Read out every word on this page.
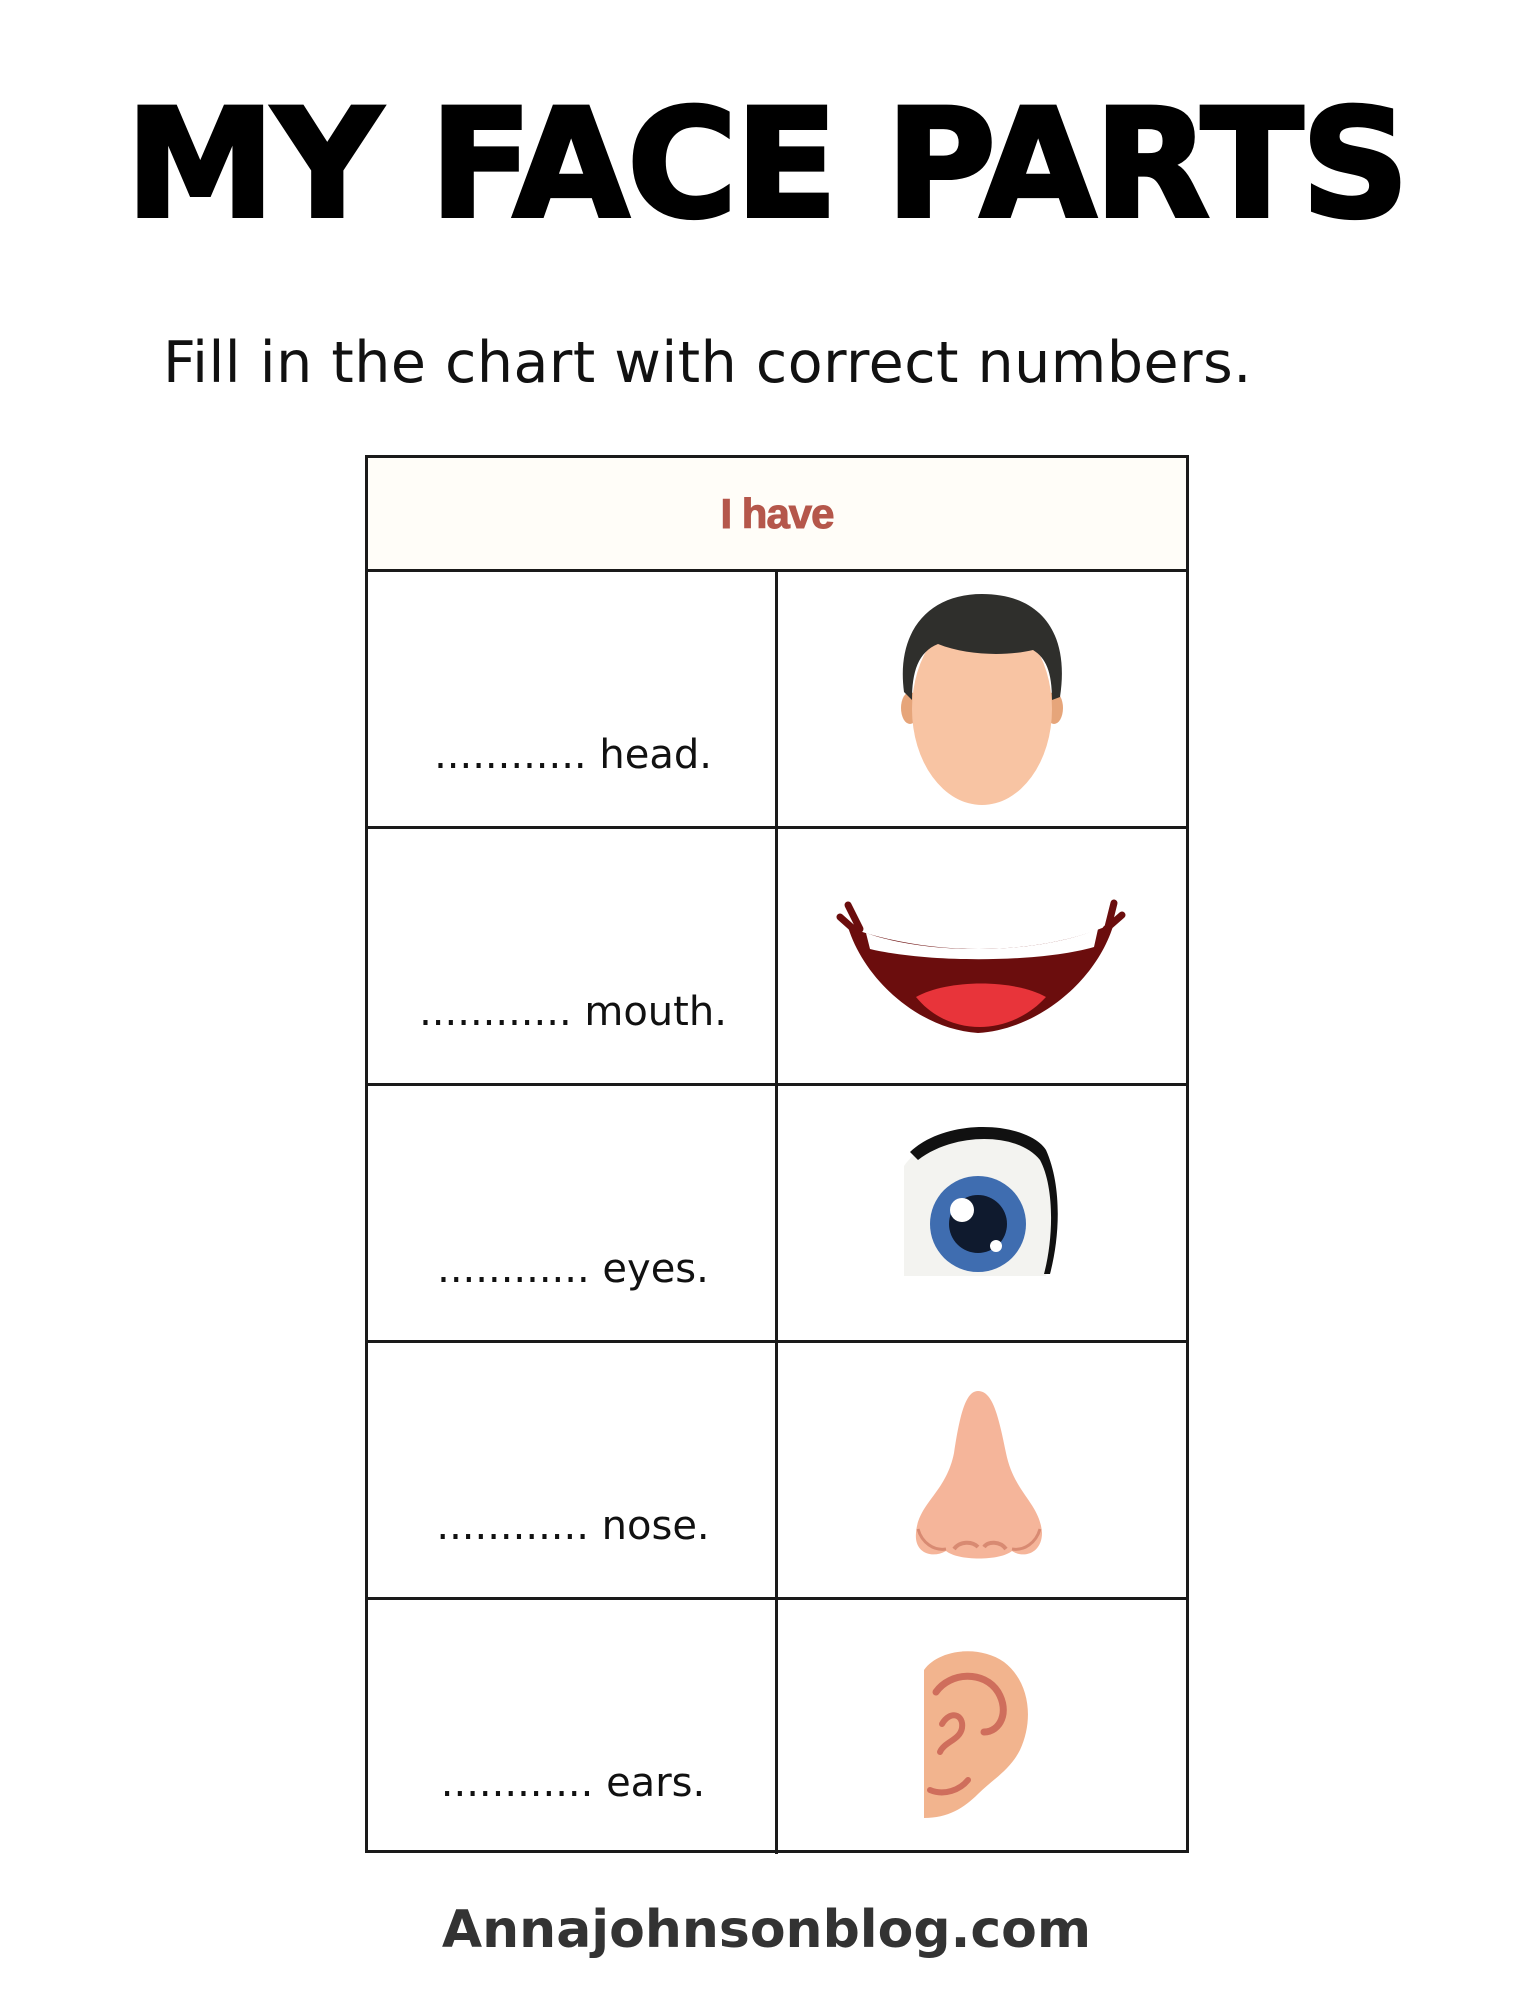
MY FACE PARTS
Fill in the chart with correct numbers.
I have
............ head.
............ mouth.
............ eyes.
............ nose.
............ ears.
Annajohnsonblog.com
